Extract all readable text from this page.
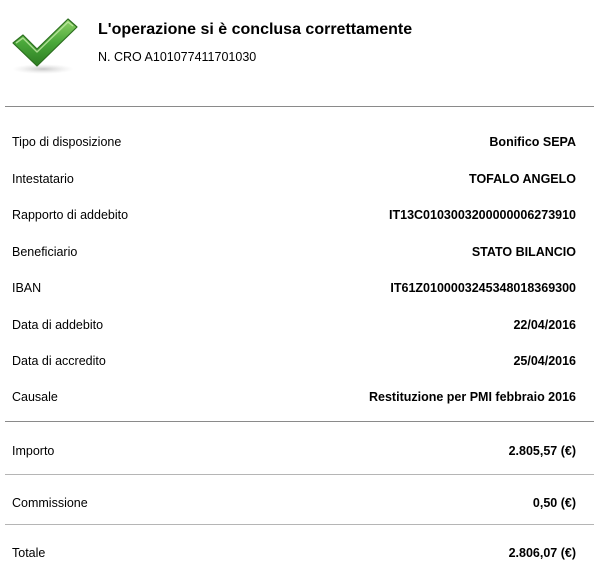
L'operazione si è conclusa correttamente
N. CRO A101077411701030
Tipo di disposizione	Bonifico SEPA
Intestatario	TOFALO ANGELO
Rapporto di addebito	IT13C0103003200000006273910
Beneficiario	STATO BILANCIO
IBAN	IT61Z0100003245348018369300
Data di addebito	22/04/2016
Data di accredito	25/04/2016
Causale	Restituzione per PMI febbraio 2016
Importo	2.805,57 (€)
Commissione	0,50 (€)
Totale	2.806,07 (€)
